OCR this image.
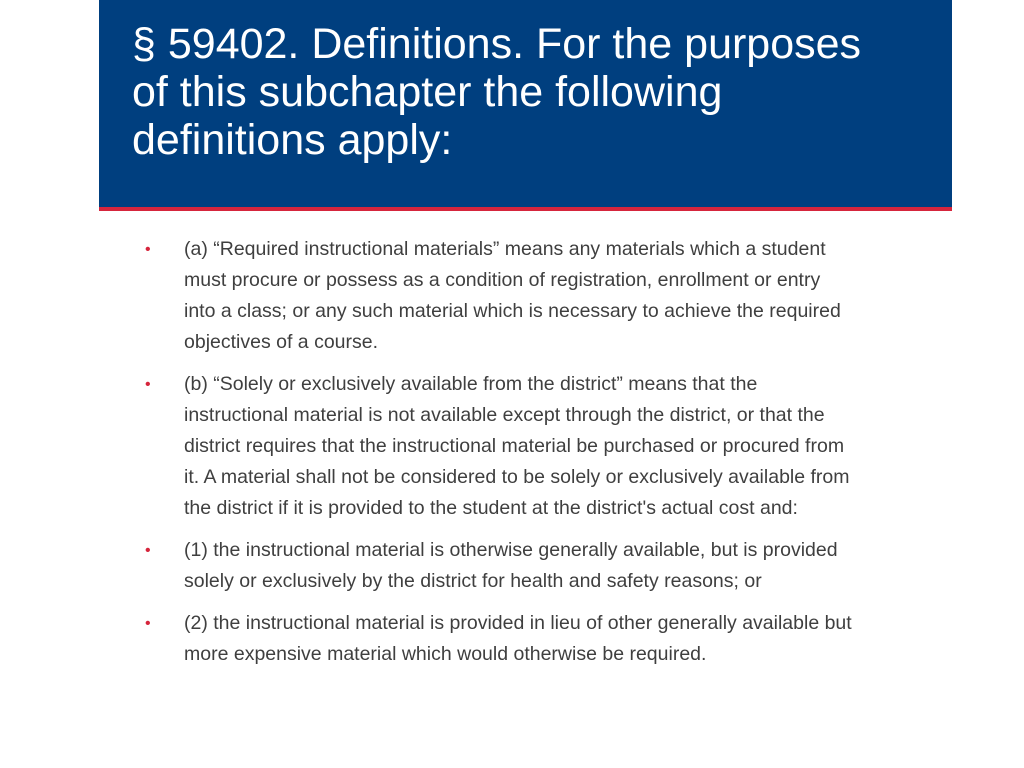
§ 59402. Definitions. For the purposes
of this subchapter the following
definitions apply:
• (a) “Required instructional materials” means any materials which a student
must procure or possess as a condition of registration, enrollment or entry
into a class; or any such material which is necessary to achieve the required
objectives of a course.
• (b) “Solely or exclusively available from the district” means that the
instructional material is not available except through the district, or that the
district requires that the instructional material be purchased or procured from
it. A material shall not be considered to be solely or exclusively available from
the district if it is provided to the student at the district's actual cost and:
• (1) the instructional material is otherwise generally available, but is provided
solely or exclusively by the district for health and safety reasons; or
• (2) the instructional material is provided in lieu of other generally available but
more expensive material which would otherwise be required.
